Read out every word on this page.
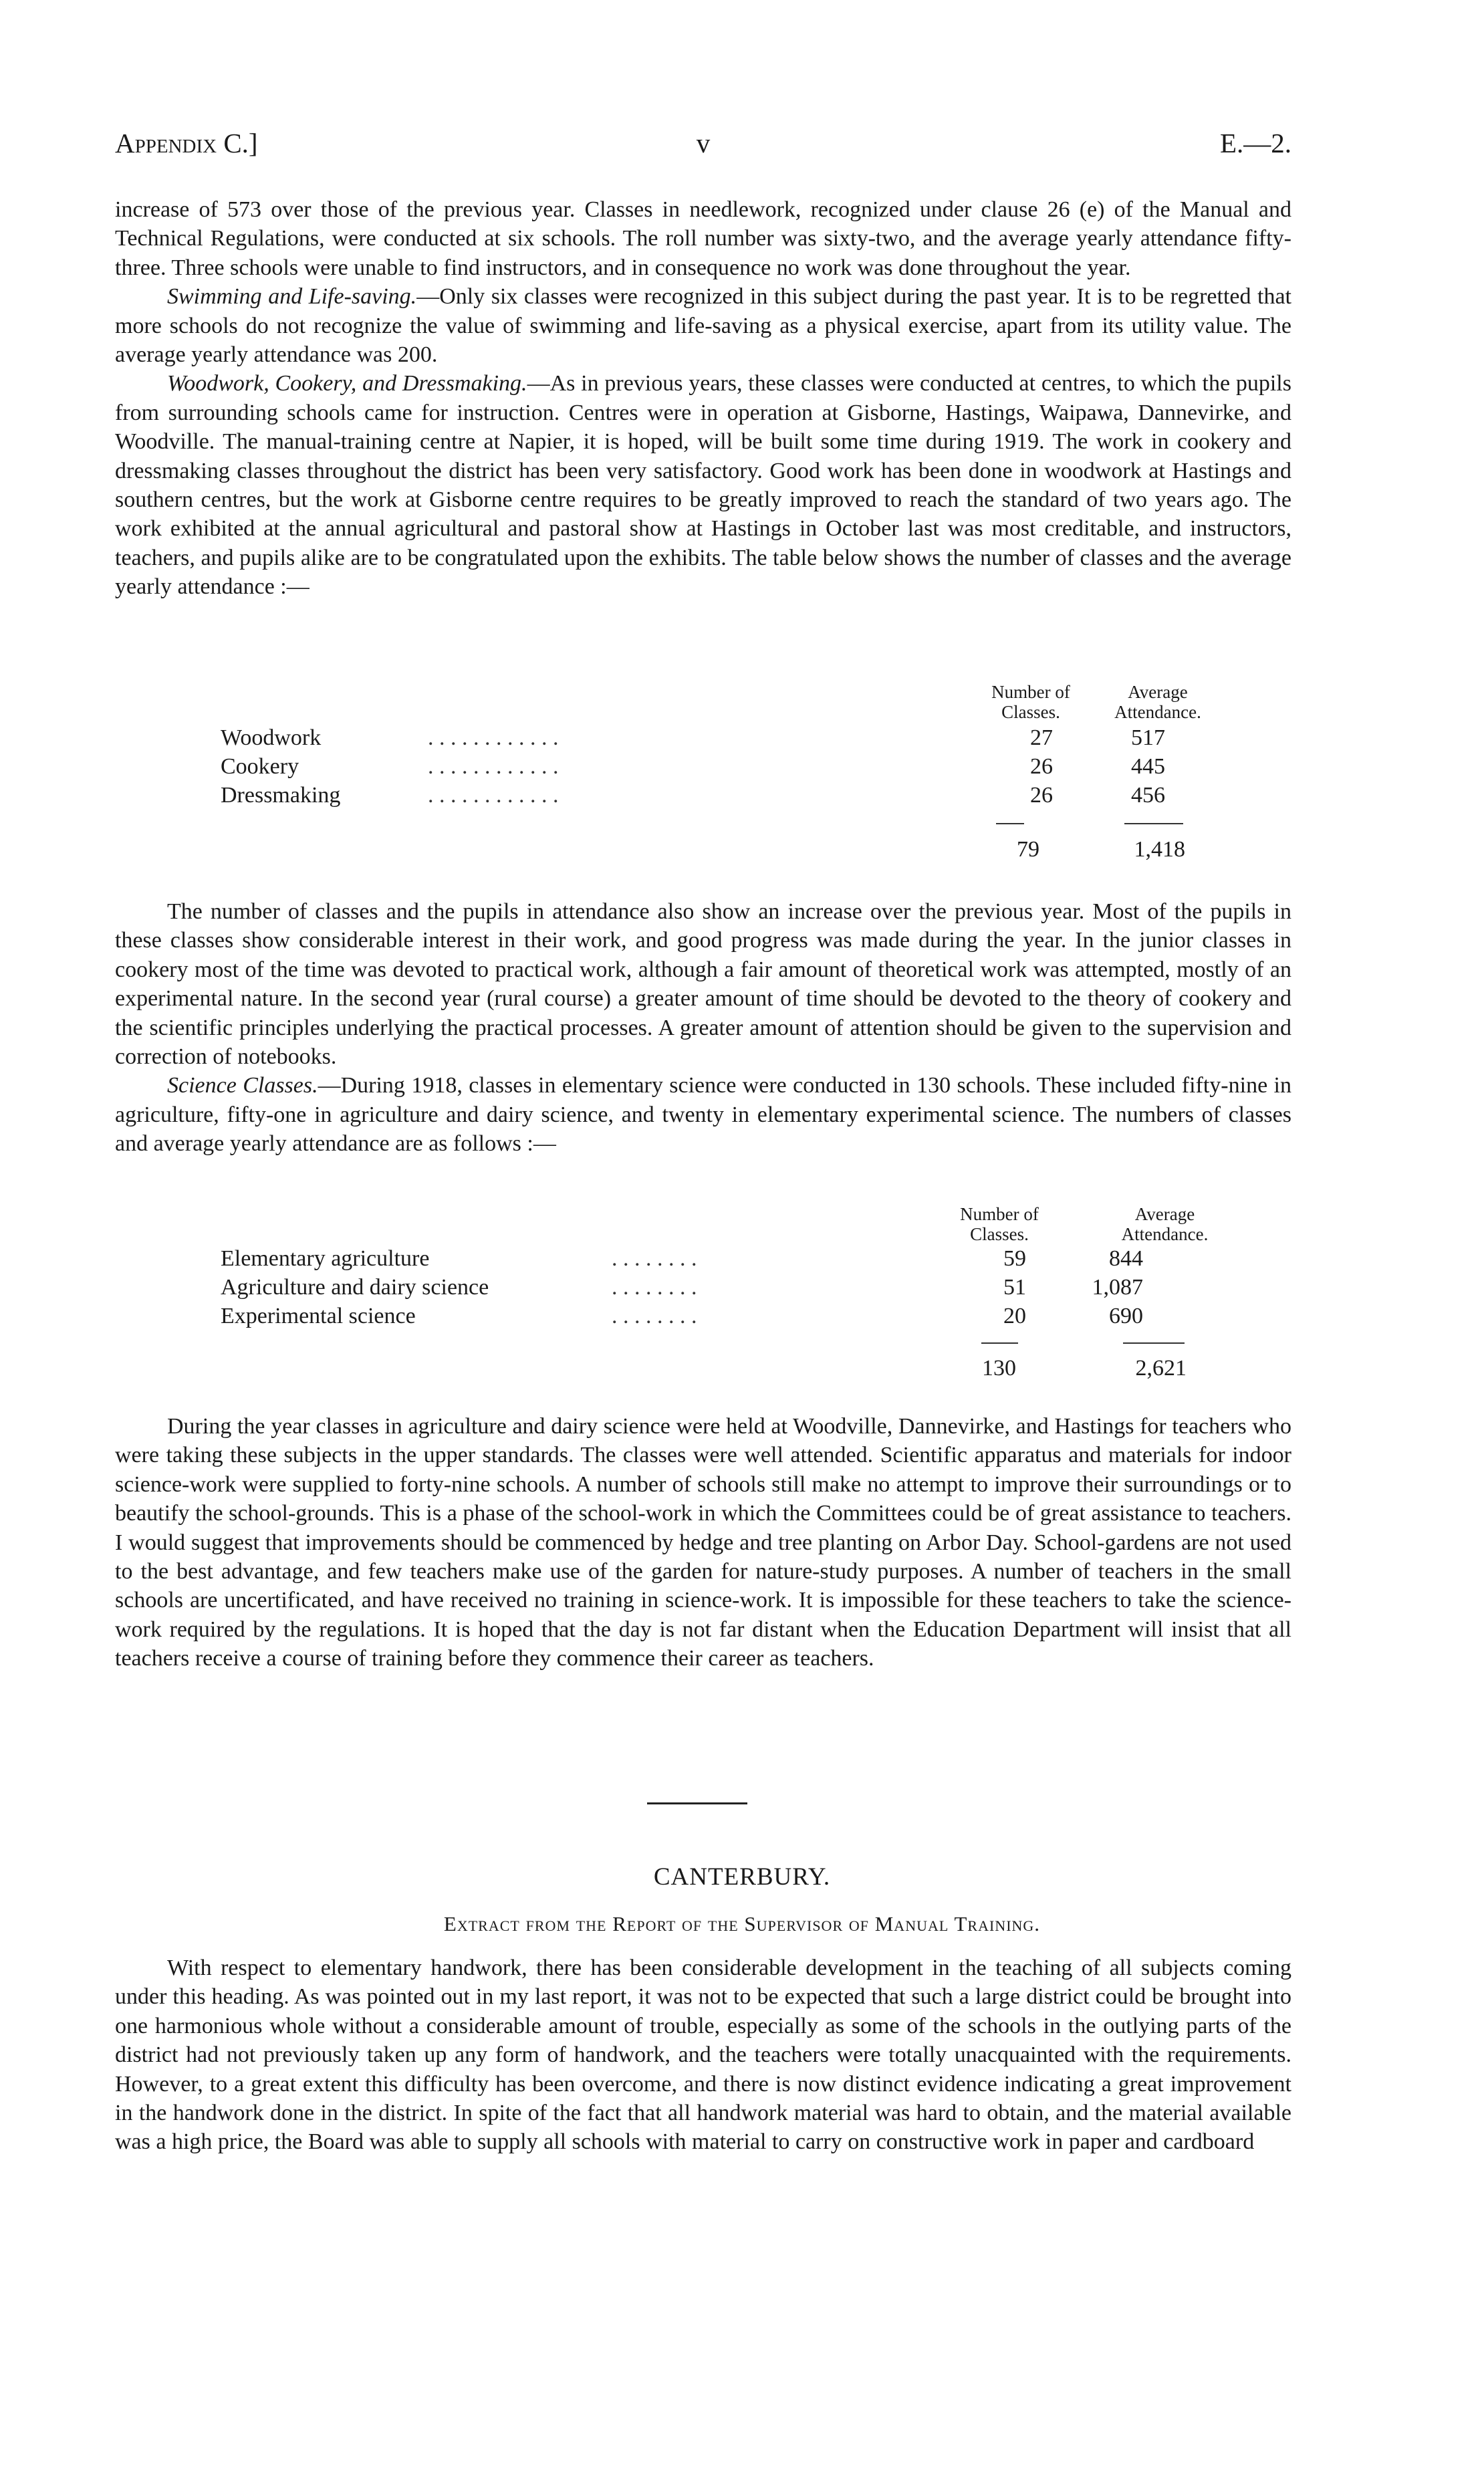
Appendix C.]	v	E.—2.

increase of 573 over those of the previous year. Classes in needlework, recognized under clause 26 (e) of the Manual and Technical Regulations, were conducted at six schools. The roll number was sixty-two, and the average yearly attendance fifty-three. Three schools were unable to find instructors, and in consequence no work was done throughout the year.

Swimming and Life-saving.—Only six classes were recognized in this subject during the past year. It is to be regretted that more schools do not recognize the value of swimming and life-saving as a physical exercise, apart from its utility value. The average yearly attendance was 200.

Woodwork, Cookery, and Dressmaking.—As in previous years, these classes were conducted at centres, to which the pupils from surrounding schools came for instruction. Centres were in operation at Gisborne, Hastings, Waipawa, Dannevirke, and Woodville. The manual-training centre at Napier, it is hoped, will be built some time during 1919. The work in cookery and dressmaking classes throughout the district has been very satisfactory. Good work has been done in woodwork at Hastings and southern centres, but the work at Gisborne centre requires to be greatly improved to reach the standard of two years ago. The work exhibited at the annual agricultural and pastoral show at Hastings in October last was most creditable, and instructors, teachers, and pupils alike are to be congratulated upon the exhibits. The table below shows the number of classes and the average yearly attendance :—

Number of Classes.
Average Attendance.
Woodwork	. . . . . . . . . . . .	27	517
Cookery	. . . . . . . . . . . .	26	445
Dressmaking	. . . . . . . . . . . .	26	456
79	1,418

The number of classes and the pupils in attendance also show an increase over the previous year. Most of the pupils in these classes show considerable interest in their work, and good progress was made during the year. In the junior classes in cookery most of the time was devoted to practical work, although a fair amount of theoretical work was attempted, mostly of an experimental nature. In the second year (rural course) a greater amount of time should be devoted to the theory of cookery and the scientific principles underlying the practical processes. A greater amount of attention should be given to the supervision and correction of notebooks.

Science Classes.—During 1918, classes in elementary science were conducted in 130 schools. These included fifty-nine in agriculture, fifty-one in agriculture and dairy science, and twenty in elementary experimental science. The numbers of classes and average yearly attendance are as follows :—

Number of Classes.
Average Attendance.
Elementary agriculture	. . . . . . . .	59	844
Agriculture and dairy science	. . . . . . . .	51	1,087
Experimental science	. . . . . . . .	20	690
130	2,621

During the year classes in agriculture and dairy science were held at Woodville, Dannevirke, and Hastings for teachers who were taking these subjects in the upper standards. The classes were well attended. Scientific apparatus and materials for indoor science-work were supplied to forty-nine schools. A number of schools still make no attempt to improve their surroundings or to beautify the school-grounds. This is a phase of the school-work in which the Committees could be of great assistance to teachers. I would suggest that improvements should be commenced by hedge and tree planting on Arbor Day. School-gardens are not used to the best advantage, and few teachers make use of the garden for nature-study purposes. A number of teachers in the small schools are uncertificated, and have received no training in science-work. It is impossible for these teachers to take the science-work required by the regulations. It is hoped that the day is not far distant when the Education Department will insist that all teachers receive a course of training before they commence their career as teachers.

CANTERBURY.
Extract from the Report of the Supervisor of Manual Training.

With respect to elementary handwork, there has been considerable development in the teaching of all subjects coming under this heading. As was pointed out in my last report, it was not to be expected that such a large district could be brought into one harmonious whole without a considerable amount of trouble, especially as some of the schools in the outlying parts of the district had not previously taken up any form of handwork, and the teachers were totally unacquainted with the requirements. However, to a great extent this difficulty has been overcome, and there is now distinct evidence indicating a great improvement in the handwork done in the district. In spite of the fact that all handwork material was hard to obtain, and the material available was a high price, the Board was able to supply all schools with material to carry on constructive work in paper and cardboard
